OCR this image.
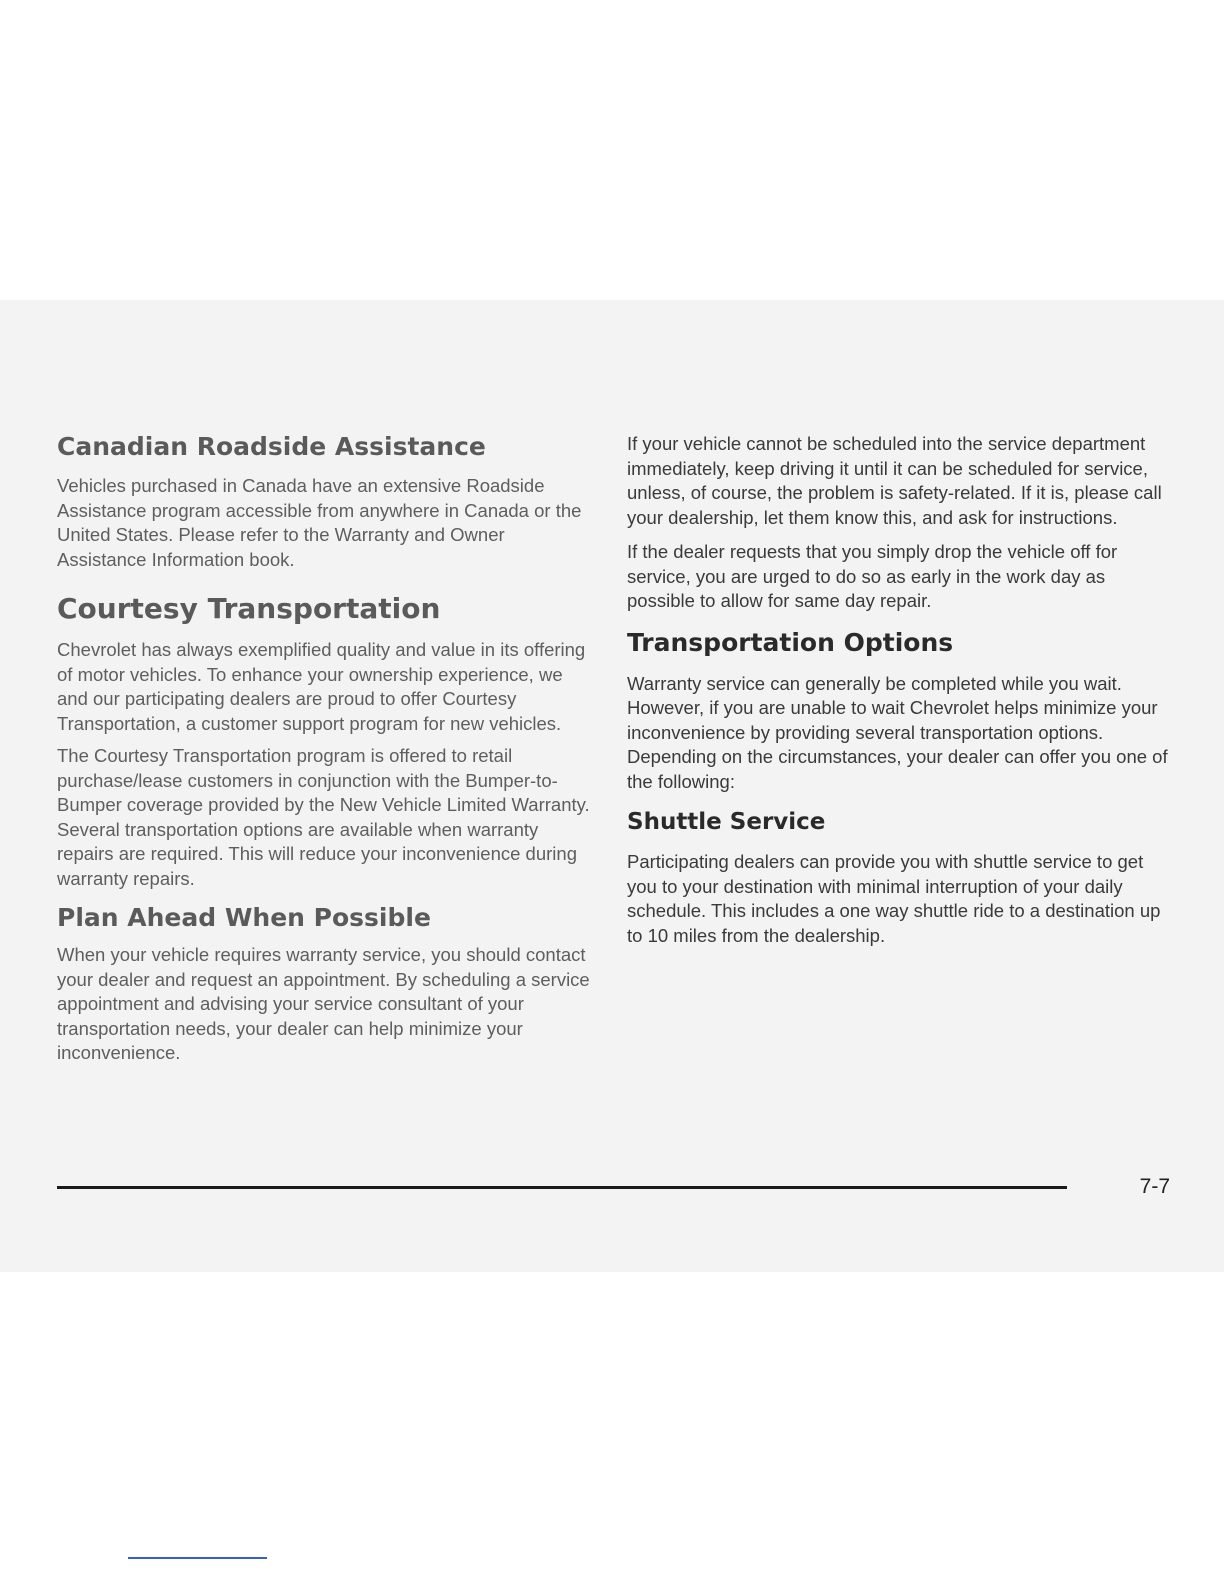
Canadian Roadside Assistance

Vehicles purchased in Canada have an extensive Roadside Assistance program accessible from anywhere in Canada or the United States. Please refer to the Warranty and Owner Assistance Information book.

Courtesy Transportation

Chevrolet has always exemplified quality and value in its offering of motor vehicles. To enhance your ownership experience, we and our participating dealers are proud to offer Courtesy Transportation, a customer support program for new vehicles.

The Courtesy Transportation program is offered to retail purchase/lease customers in conjunction with the Bumper-to-Bumper coverage provided by the New Vehicle Limited Warranty. Several transportation options are available when warranty repairs are required. This will reduce your inconvenience during warranty repairs.

Plan Ahead When Possible

When your vehicle requires warranty service, you should contact your dealer and request an appointment. By scheduling a service appointment and advising your service consultant of your transportation needs, your dealer can help minimize your inconvenience.

If your vehicle cannot be scheduled into the service department immediately, keep driving it until it can be scheduled for service, unless, of course, the problem is safety-related. If it is, please call your dealership, let them know this, and ask for instructions.

If the dealer requests that you simply drop the vehicle off for service, you are urged to do so as early in the work day as possible to allow for same day repair.

Transportation Options

Warranty service can generally be completed while you wait. However, if you are unable to wait Chevrolet helps minimize your inconvenience by providing several transportation options. Depending on the circumstances, your dealer can offer you one of the following:

Shuttle Service

Participating dealers can provide you with shuttle service to get you to your destination with minimal interruption of your daily schedule. This includes a one way shuttle ride to a destination up to 10 miles from the dealership.

7-7
